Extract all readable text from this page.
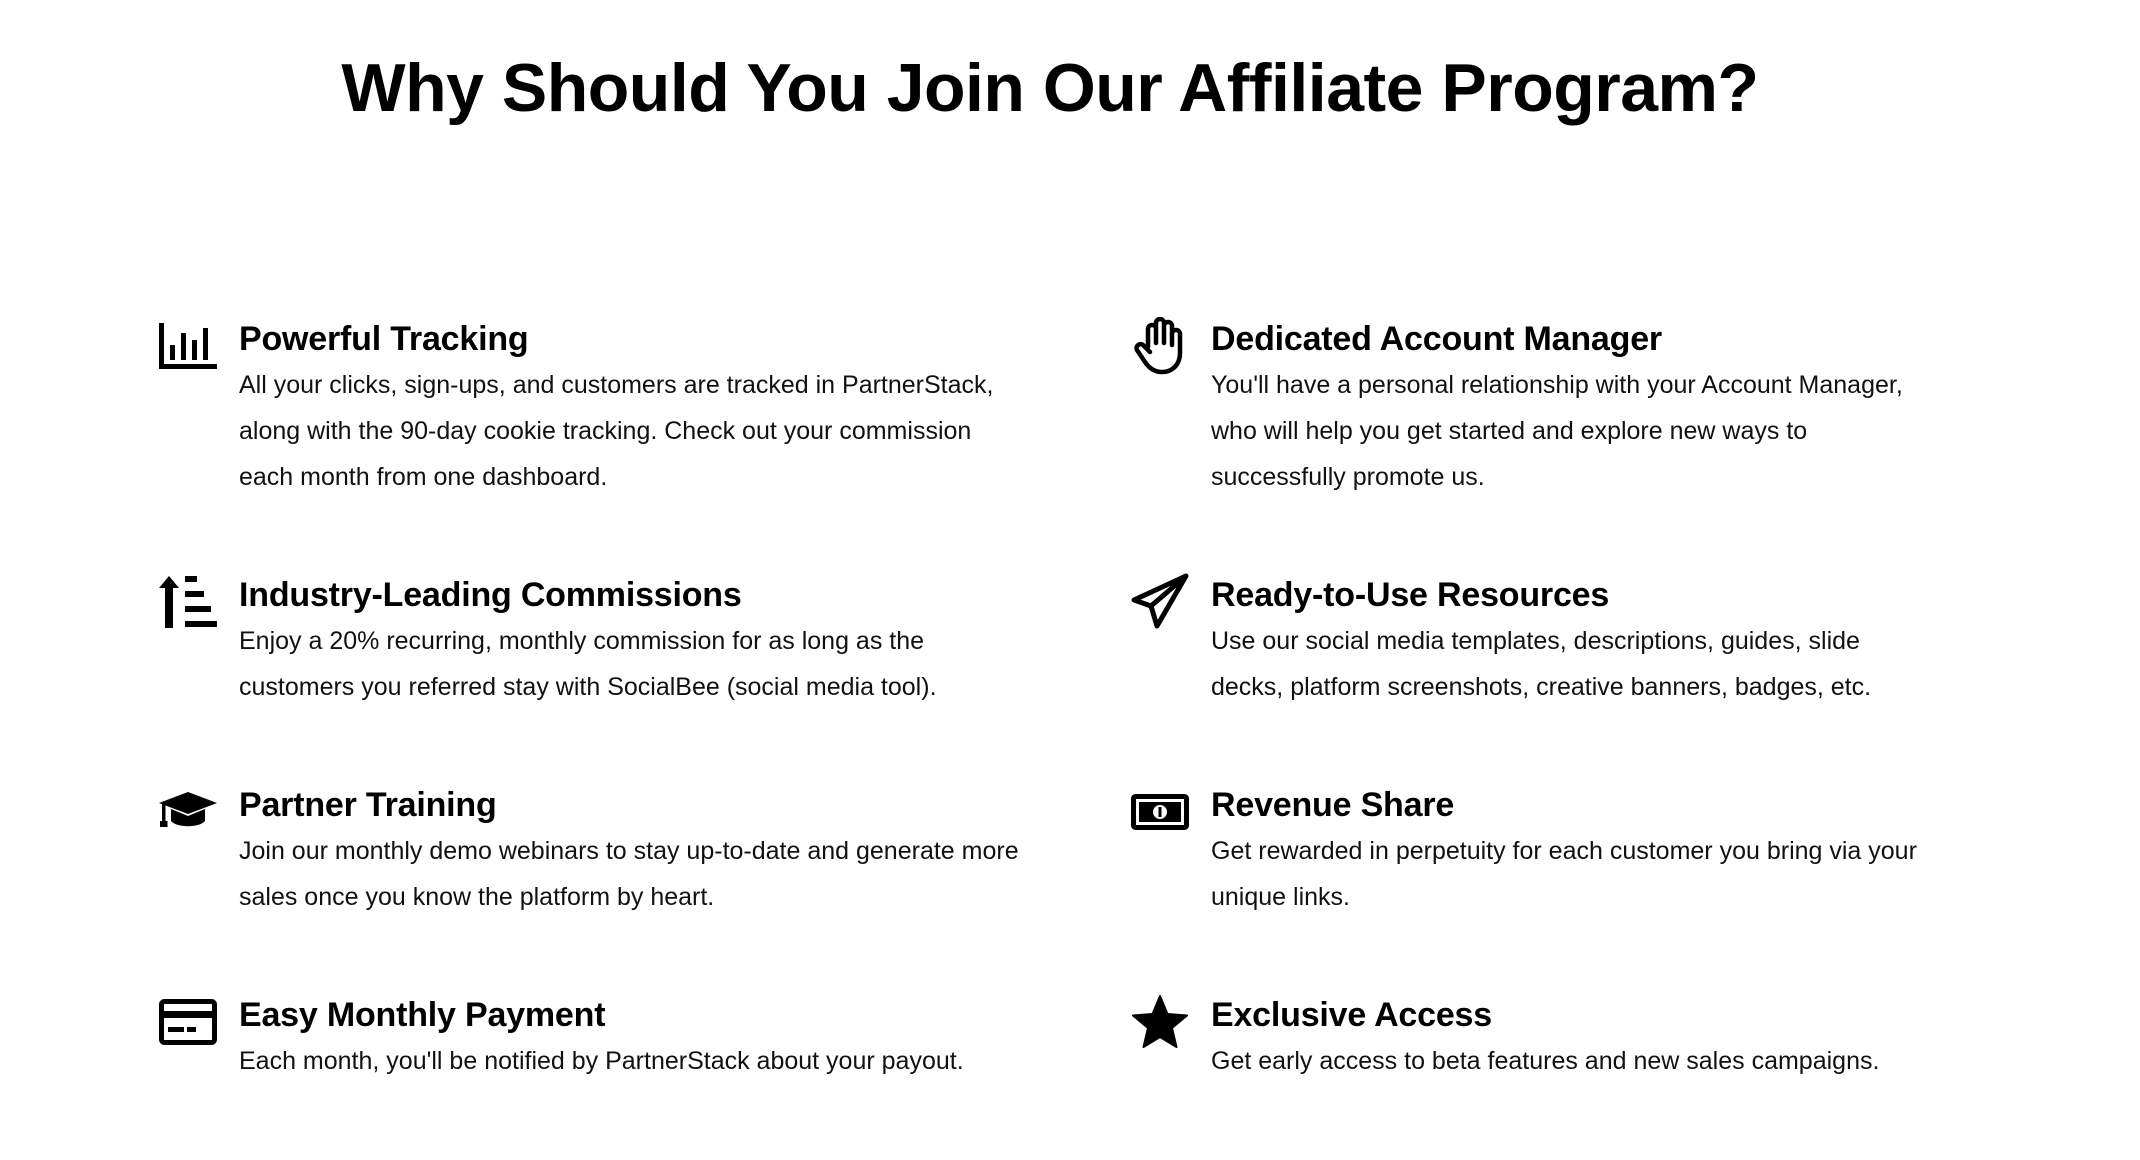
Why Should You Join Our Affiliate Program?
Powerful Tracking

All your clicks, sign-ups, and customers are tracked in PartnerStack,
along with the 90-day cookie tracking. Check out your commission
each month from one dashboard.

Dedicated Account Manager

You'll have a personal relationship with your Account Manager,
who will help you get started and explore new ways to
successfully promote us.

Industry-Leading Commissions

Enjoy a 20% recurring, monthly commission for as long as the
customers you referred stay with SocialBee (social media tool).

Ready-to-Use Resources

Use our social media templates, descriptions, guides, slide
decks, platform screenshots, creative banners, badges, etc.

Partner Training

Join our monthly demo webinars to stay up-to-date and generate more
sales once you know the platform by heart.

Revenue Share

Get rewarded in perpetuity for each customer you bring via your
unique links.

Easy Monthly Payment

Each month, you'll be notified by PartnerStack about your payout.

Exclusive Access

Get early access to beta features and new sales campaigns.
